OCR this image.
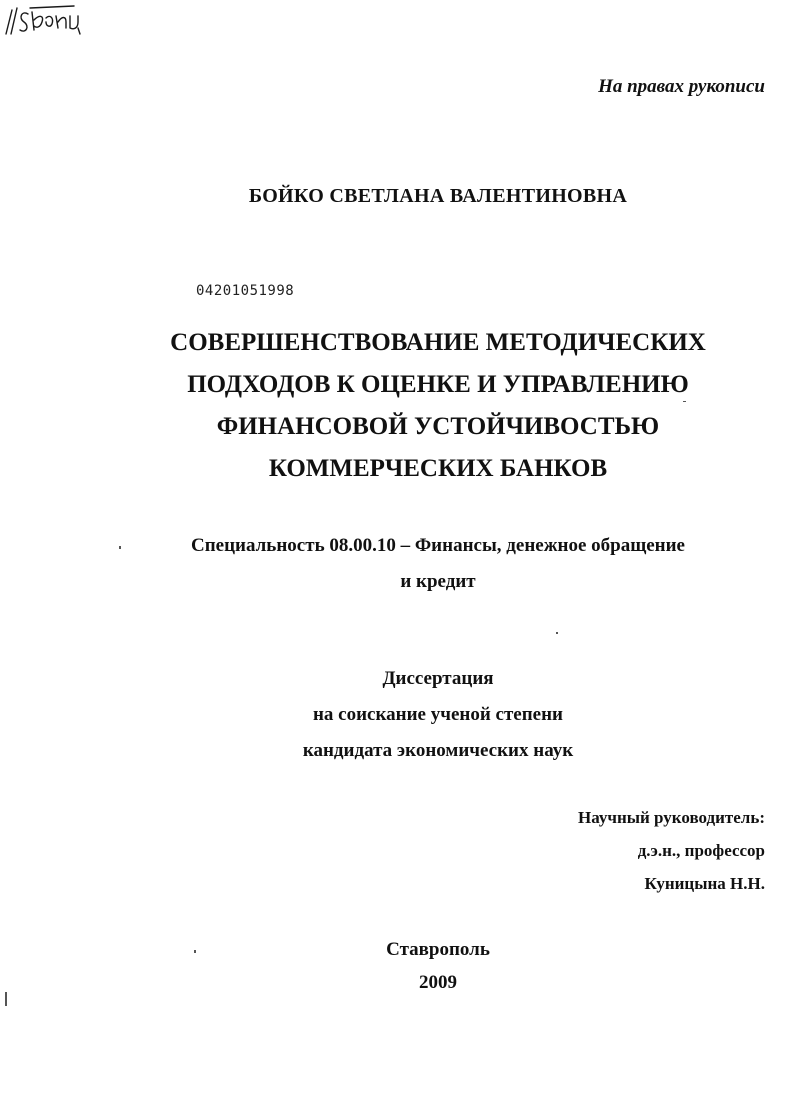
На правах рукописи
БОЙКО СВЕТЛАНА ВАЛЕНТИНОВНА
04201051998
СОВЕРШЕНСТВОВАНИЕ МЕТОДИЧЕСКИХ
ПОДХОДОВ К ОЦЕНКЕ И УПРАВЛЕНИЮ
ФИНАНСОВОЙ УСТОЙЧИВОСТЬЮ
КОММЕРЧЕСКИХ БАНКОВ
Специальность 08.00.10 – Финансы, денежное обращение
и кредит
Диссертация
на соискание ученой степени
кандидата экономических наук
Научный руководитель:
д.э.н., профессор
Куницына Н.Н.
Ставрополь
2009
